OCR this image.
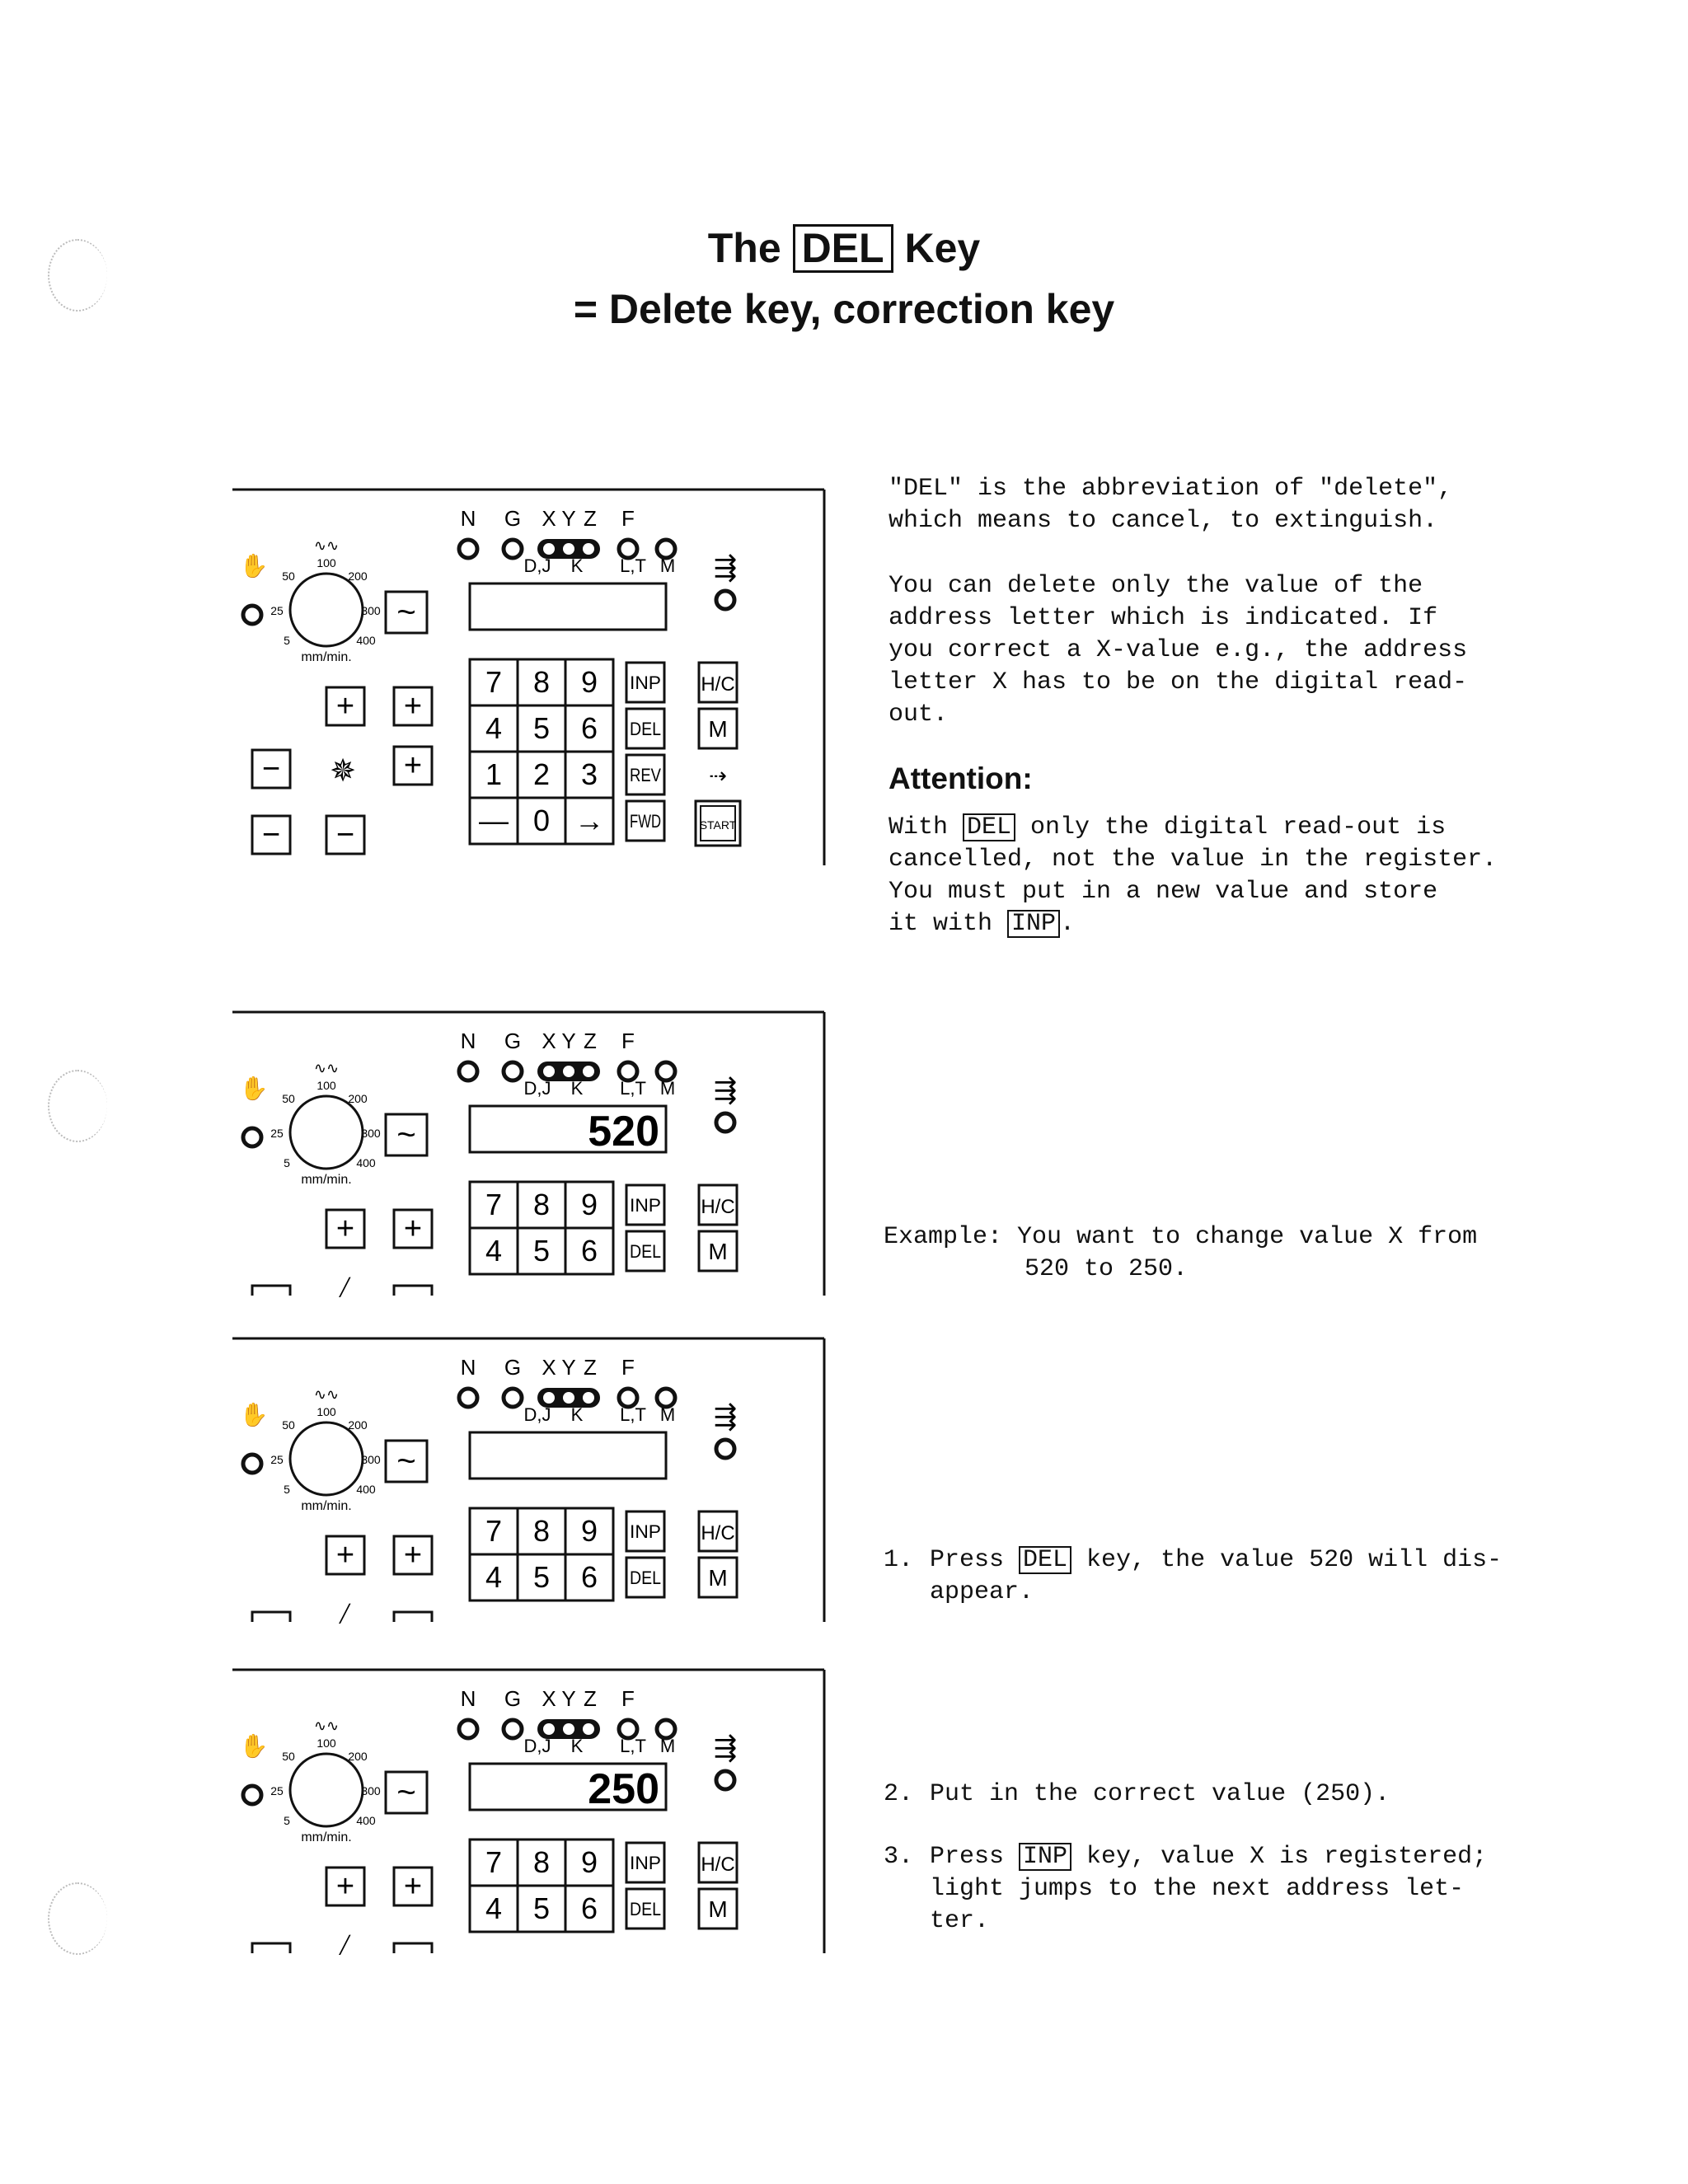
The DEL Key
= Delete key, correction key
"DEL" is the abbreviation of "delete",
which means to cancel, to extinguish.
You can delete only the value of the
address letter which is indicated. If
you correct a X-value e.g., the address
letter X has to be on the digital read-
out.
Attention:
With DEL only the digital read-out is
cancelled, not the value in the register.
You must put in a new value and store
it with INP .
Example: You want to change value X from
520 to 250.
1. Press DEL key, the value 520 will dis-
appear.
2. Put in the correct value (250).
3. Press INP key, value X is registered;
light jumps to the next address let-
ter.
N G X Y Z F
D,J K L,T M ⇶
✋
∿∿
100
50	200
25	300
5	400
mm/min.
~
7 8 9 INP
4 5 6 DEL
1 2 3 REV
— 0 → FWD
H/C
M
⇢
START
+ +
− ✵ +
− −
N G X Y Z F
D,J K L,T M ⇶
✋
∿∿
100
50	200
25	300
5	400
mm/min.
~	520
7 8 9 INP
4 5 6 DEL
H/C
M
+ +
╱
N G X Y Z F
D,J K L,T M ⇶
✋
∿∿
100
50	200
25	300
5	400
mm/min.
~
7 8 9 INP
4 5 6 DEL
H/C
M
+ +
╱
N G X Y Z F
D,J K L,T M ⇶
✋
∿∿
100
50	200
25	300
5	400
mm/min.
~	250
7 8 9 INP
4 5 6 DEL
H/C
M
+ +
╱
